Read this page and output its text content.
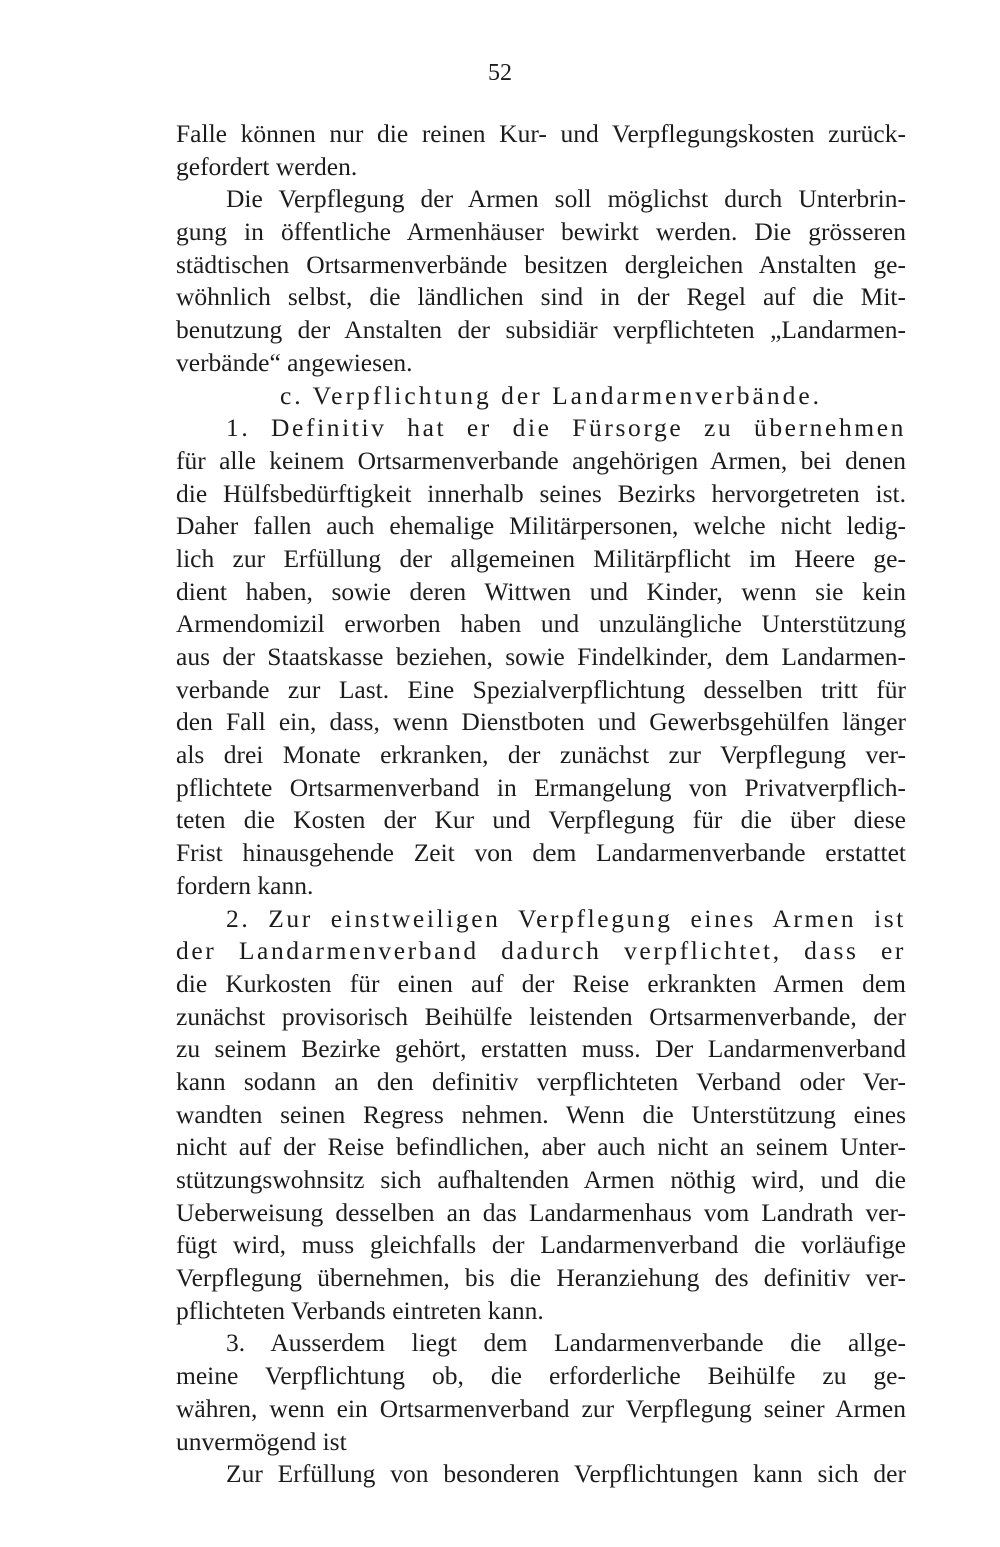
52
Falle können nur die reinen Kur- und Verpflegungskosten zurück-
gefordert werden.
Die Verpflegung der Armen soll möglichst durch Unterbrin-
gung in öffentliche Armenhäuser bewirkt werden. Die grösseren
städtischen Ortsarmenverbände besitzen dergleichen Anstalten ge-
wöhnlich selbst, die ländlichen sind in der Regel auf die Mit-
benutzung der Anstalten der subsidiär verpflichteten „Landarmen-
verbände“ angewiesen.
c. Verpflichtung der Landarmenverbände.
1. Definitiv hat er die Fürsorge zu übernehmen
für alle keinem Ortsarmenverbande angehörigen Armen, bei denen
die Hülfsbedürftigkeit innerhalb seines Bezirks hervorgetreten ist.
Daher fallen auch ehemalige Militärpersonen, welche nicht ledig-
lich zur Erfüllung der allgemeinen Militärpflicht im Heere ge-
dient haben, sowie deren Wittwen und Kinder, wenn sie kein
Armendomizil erworben haben und unzulängliche Unterstützung
aus der Staatskasse beziehen, sowie Findelkinder, dem Landarmen-
verbande zur Last. Eine Spezialverpflichtung desselben tritt für
den Fall ein, dass, wenn Dienstboten und Gewerbsgehülfen länger
als drei Monate erkranken, der zunächst zur Verpflegung ver-
pflichtete Ortsarmenverband in Ermangelung von Privatverpflich-
teten die Kosten der Kur und Verpflegung für die über diese
Frist hinausgehende Zeit von dem Landarmenverbande erstattet
fordern kann.
2. Zur einstweiligen Verpflegung eines Armen ist
der Landarmenverband dadurch verpflichtet, dass er
die Kurkosten für einen auf der Reise erkrankten Armen dem
zunächst provisorisch Beihülfe leistenden Ortsarmenverbande, der
zu seinem Bezirke gehört, erstatten muss. Der Landarmenverband
kann sodann an den definitiv verpflichteten Verband oder Ver-
wandten seinen Regress nehmen. Wenn die Unterstützung eines
nicht auf der Reise befindlichen, aber auch nicht an seinem Unter-
stützungswohnsitz sich aufhaltenden Armen nöthig wird, und die
Ueberweisung desselben an das Landarmenhaus vom Landrath ver-
fügt wird, muss gleichfalls der Landarmenverband die vorläufige
Verpflegung übernehmen, bis die Heranziehung des definitiv ver-
pflichteten Verbands eintreten kann.
3. Ausserdem liegt dem Landarmenverbande die allge-
meine Verpflichtung ob, die erforderliche Beihülfe zu ge-
währen, wenn ein Ortsarmenverband zur Verpflegung seiner Armen
unvermögend ist
Zur Erfüllung von besonderen Verpflichtungen kann sich der
